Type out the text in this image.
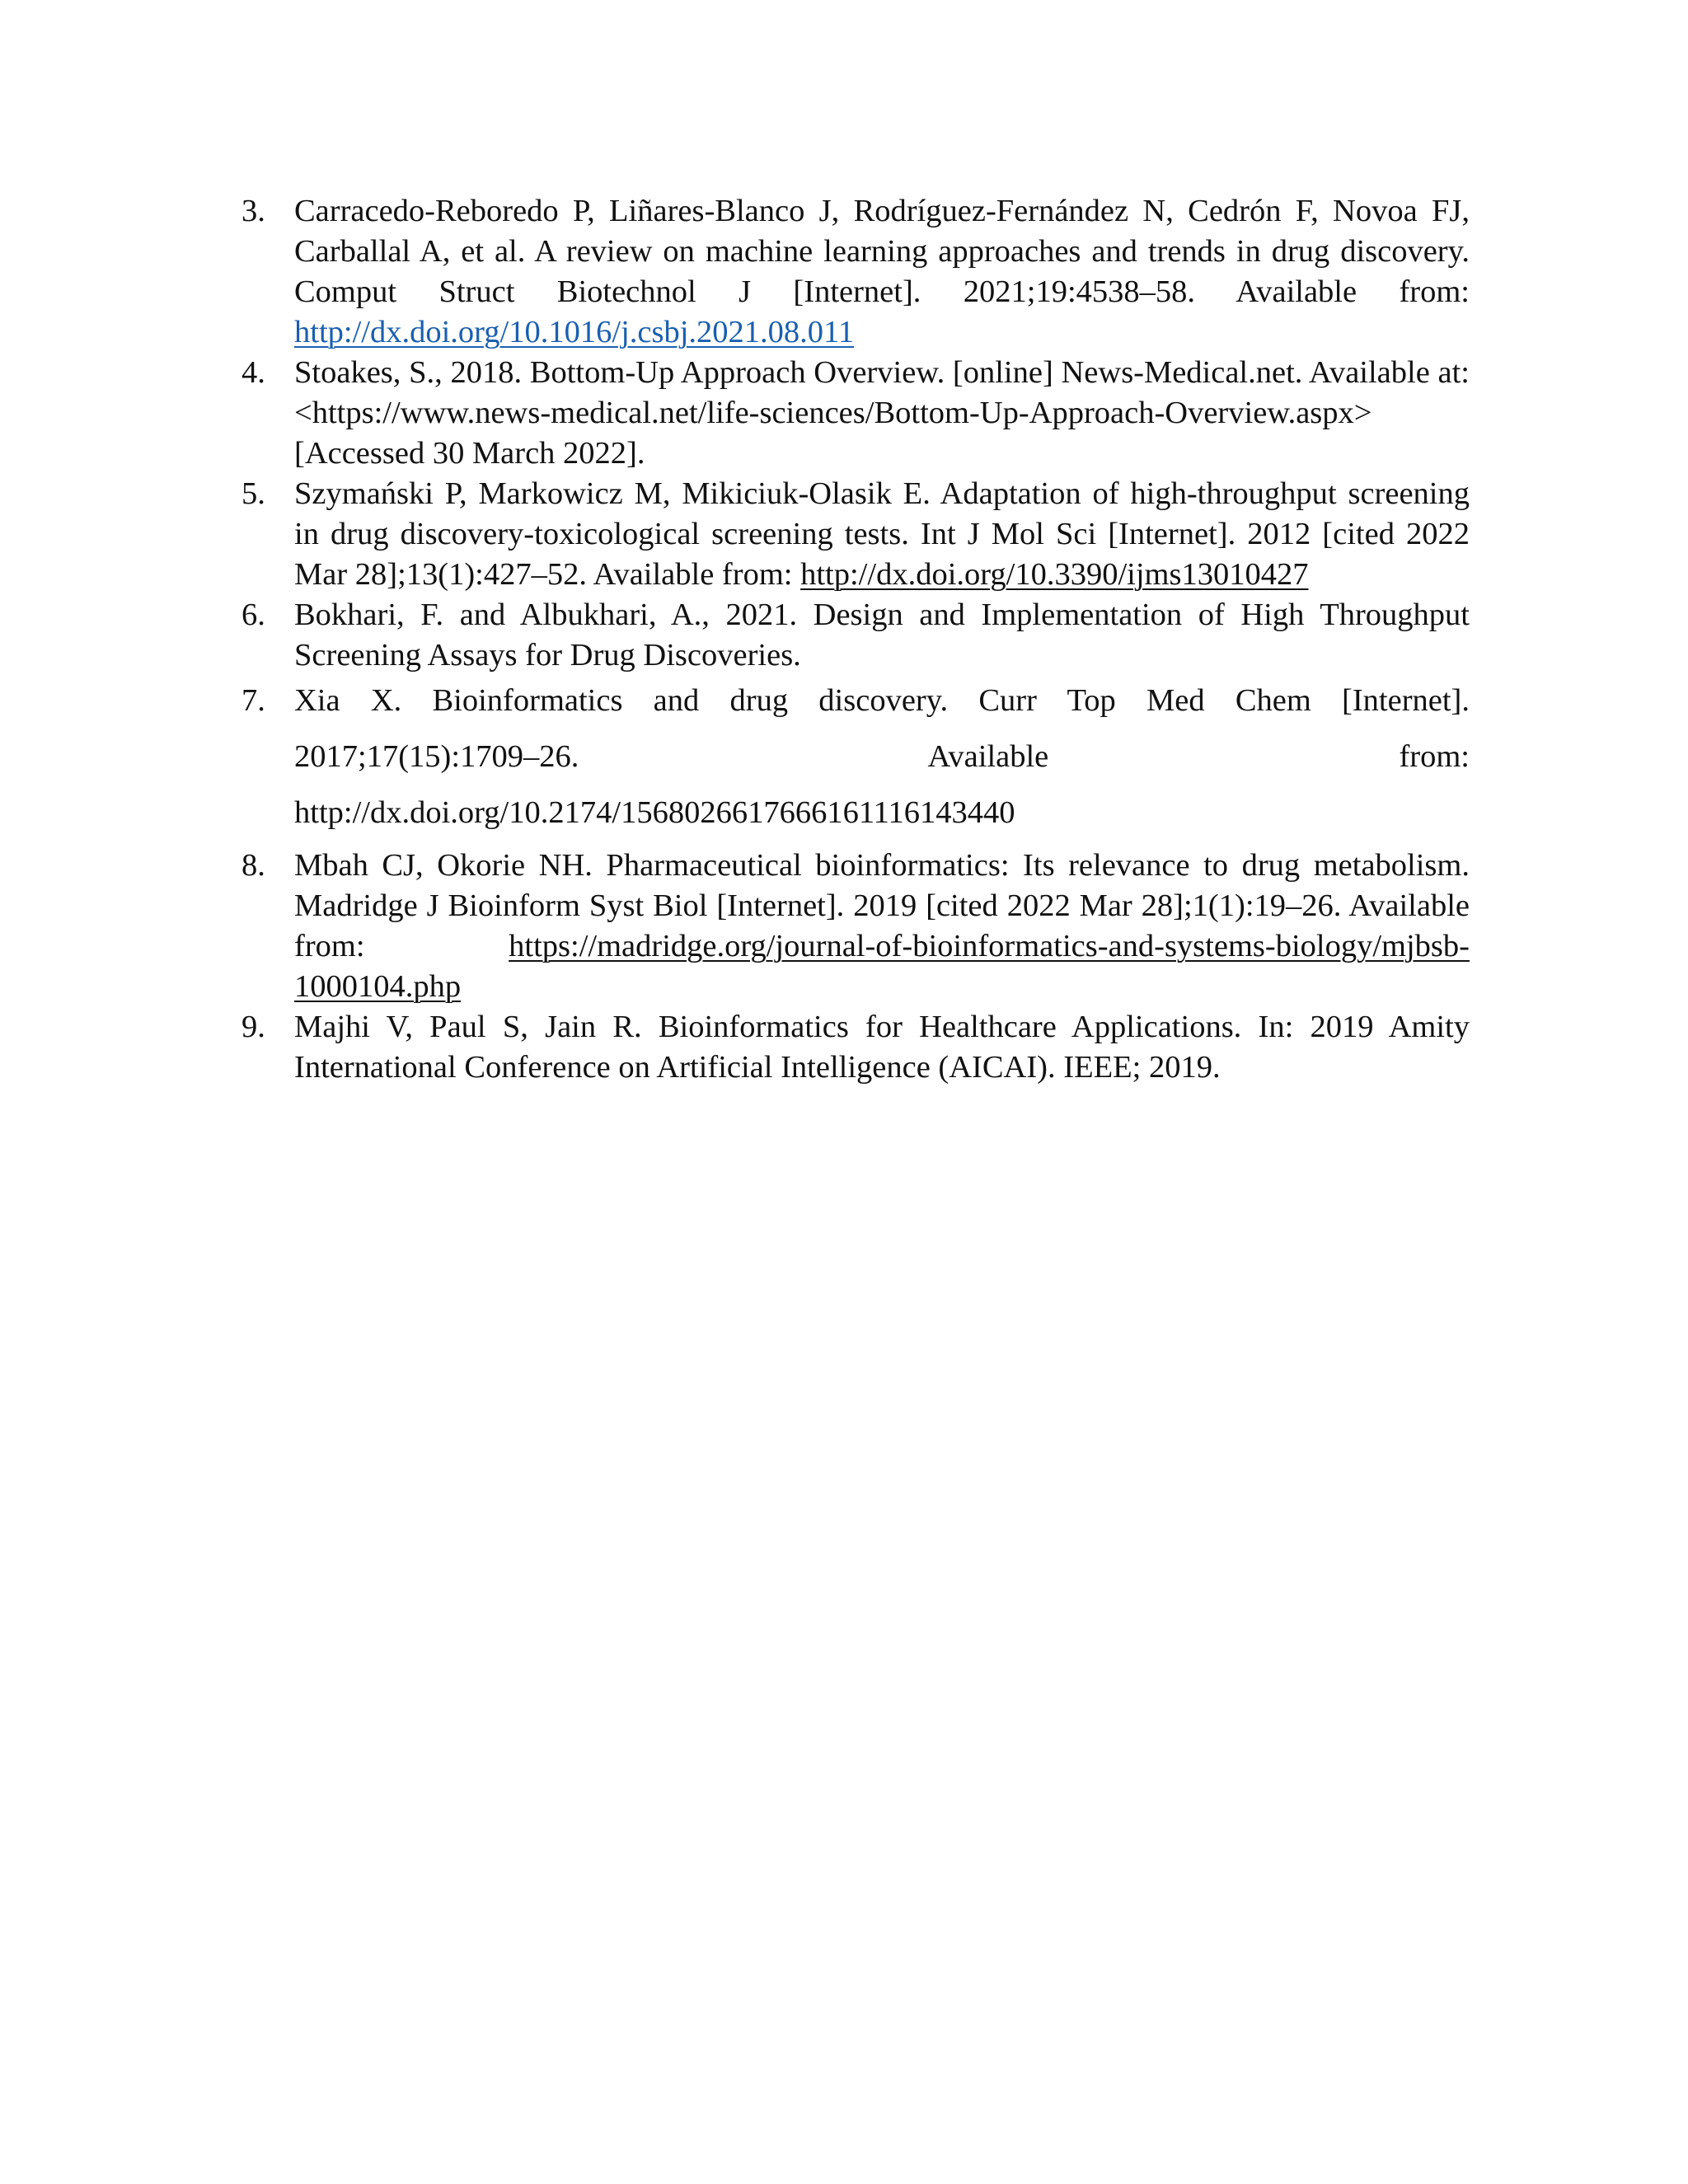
3. Carracedo-Reboredo P, Liñares-Blanco J, Rodríguez-Fernández N, Cedrón F, Novoa FJ, Carballal A, et al. A review on machine learning approaches and trends in drug discovery. Comput Struct Biotechnol J [Internet]. 2021;19:4538–58. Available from: http://dx.doi.org/10.1016/j.csbj.2021.08.011
4. Stoakes, S., 2018. Bottom-Up Approach Overview. [online] News-Medical.net. Available at: <https://www.news-medical.net/life-sciences/Bottom-Up-Approach-Overview.aspx> [Accessed 30 March 2022].
5. Szymański P, Markowicz M, Mikiciuk-Olasik E. Adaptation of high-throughput screening in drug discovery-toxicological screening tests. Int J Mol Sci [Internet]. 2012 [cited 2022 Mar 28];13(1):427–52. Available from: http://dx.doi.org/10.3390/ijms13010427
6. Bokhari, F. and Albukhari, A., 2021. Design and Implementation of High Throughput Screening Assays for Drug Discoveries.
7. Xia X. Bioinformatics and drug discovery. Curr Top Med Chem [Internet]. 2017;17(15):1709–26. Available from: http://dx.doi.org/10.2174/1568026617666161116143440
8. Mbah CJ, Okorie NH. Pharmaceutical bioinformatics: Its relevance to drug metabolism. Madridge J Bioinform Syst Biol [Internet]. 2019 [cited 2022 Mar 28];1(1):19–26. Available from: https://madridge.org/journal-of-bioinformatics-and-systems-biology/mjbsb-1000104.php
9. Majhi V, Paul S, Jain R. Bioinformatics for Healthcare Applications. In: 2019 Amity International Conference on Artificial Intelligence (AICAI). IEEE; 2019.
